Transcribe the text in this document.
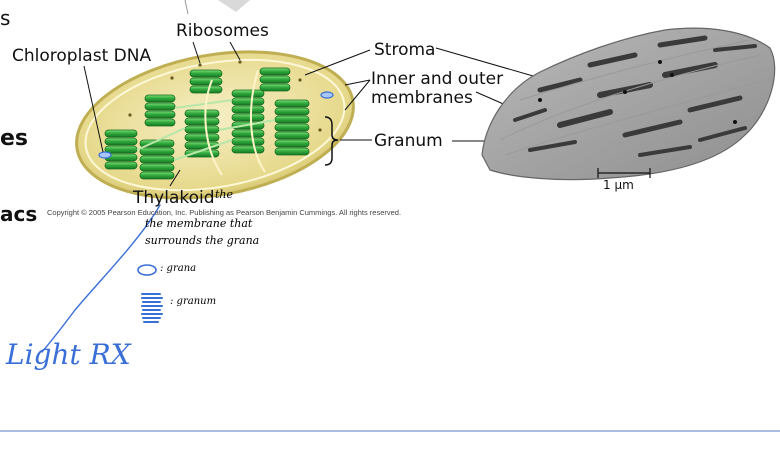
s
es
acs
Ribosomes
Chloroplast DNA	Stroma
Inner and outer
membranes
Granum
Thylakoid
1 µm
Copyright © 2005 Pearson Education, Inc. Publishing as Pearson Benjamin Cummings. All rights reserved.
the
the membrane that
surrounds the grana
: grana
: granum
Light RX
